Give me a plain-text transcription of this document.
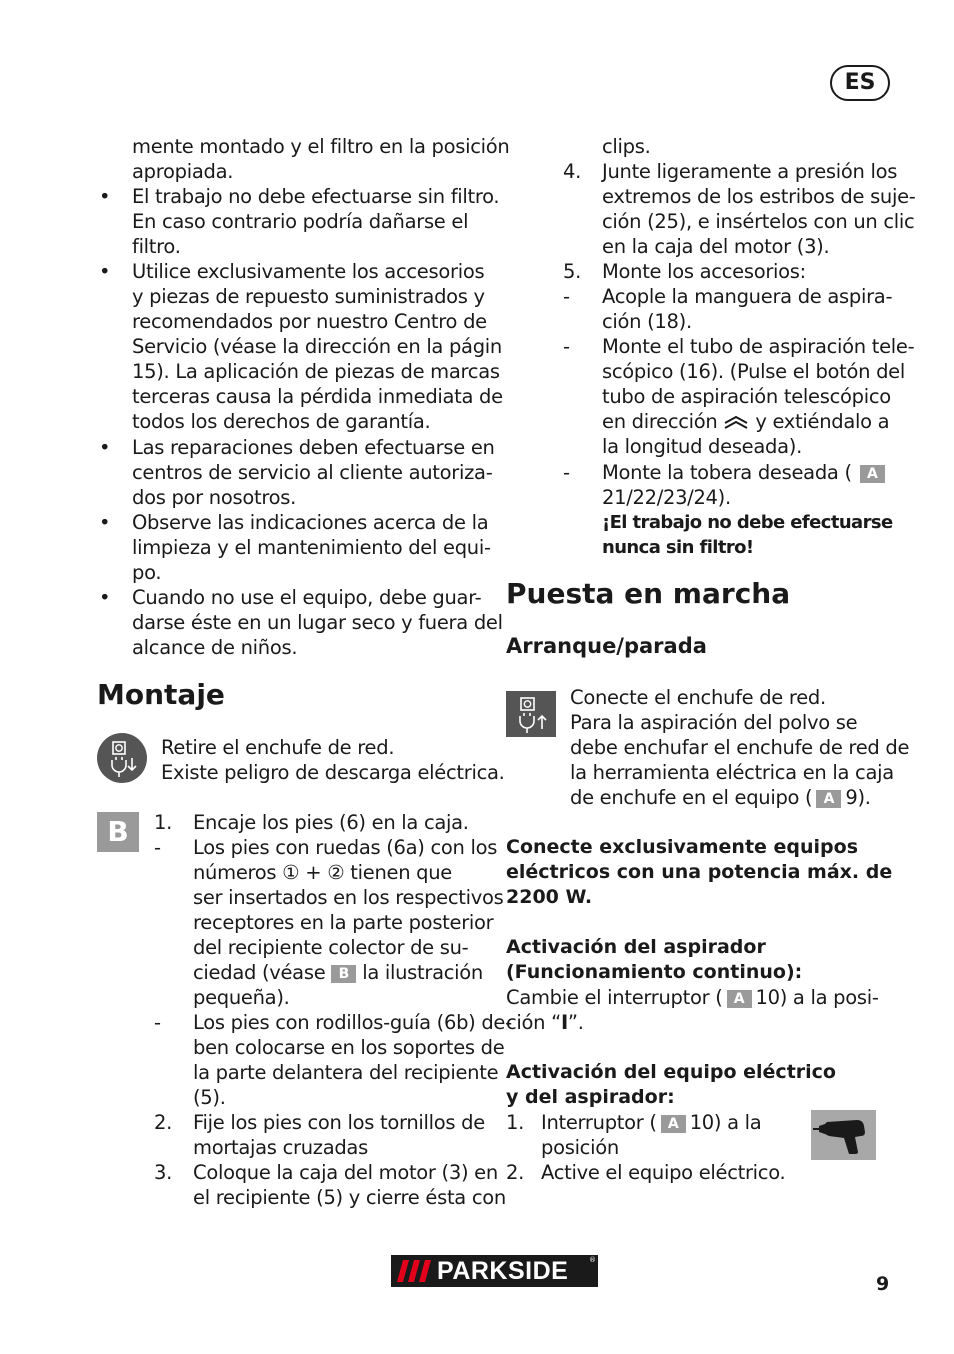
ES
mente montado y el filtro en la posición
apropiada.
• El trabajo no debe efectuarse sin filtro.
En caso contrario podría dañarse el
filtro.
• Utilice exclusivamente los accesorios
y piezas de repuesto suministrados y
recomendados por nuestro Centro de
Servicio (véase la dirección en la págin
15). La aplicación de piezas de marcas
terceras causa la pérdida inmediata de
todos los derechos de garantía.
• Las reparaciones deben efectuarse en
centros de servicio al cliente autoriza-
dos por nosotros.
• Observe las indicaciones acerca de la
limpieza y el mantenimiento del equi-
po.
• Cuando no use el equipo, debe guar-
darse éste en un lugar seco y fuera del
alcance de niños.
Montaje
Retire el enchufe de red.
Existe peligro de descarga eléctrica.
B	1. Encaje los pies (6) en la caja.
- Los pies con ruedas (6a) con los
números ① + ② tienen que
ser insertados en los respectivos
receptores en la parte posterior
del recipiente colector de su-
ciedad (véase B la ilustración
pequeña).
- Los pies con rodillos-guía (6b) de-
ben colocarse en los soportes de
la parte delantera del recipiente
(5).
2. Fije los pies con los tornillos de
mortajas cruzadas
3. Coloque la caja del motor (3) en
el recipiente (5) y cierre ésta con
clips.
4. Junte ligeramente a presión los
extremos de los estribos de suje-
ción (25), e insértelos con un clic
en la caja del motor (3).
5. Monte los accesorios:
- Acople la manguera de aspira-
ción (18).
- Monte el tubo de aspiración tele-
scópico (16). (Pulse el botón del
tubo de aspiración telescópico
en dirección y extiéndalo a
la longitud deseada).
- Monte la tobera deseada ( A
21/22/23/24).
¡El trabajo no debe efectuarse
nunca sin filtro!
Puesta en marcha
Arranque/parada
Conecte el enchufe de red.
Para la aspiración del polvo se
debe enchufar el enchufe de red de
la herramienta eléctrica en la caja
de enchufe en el equipo ( A 9).
Conecte exclusivamente equipos
eléctricos con una potencia máx. de
2200 W.
Activación del aspirador
(Funcionamiento continuo):
Cambie el interruptor ( A 10) a la posi-
ción “I”.
Activación del equipo eléctrico
y del aspirador:
1. Interruptor ( A 10) a la
posición
2. Active el equipo eléctrico.
PARKSIDE	®
9
